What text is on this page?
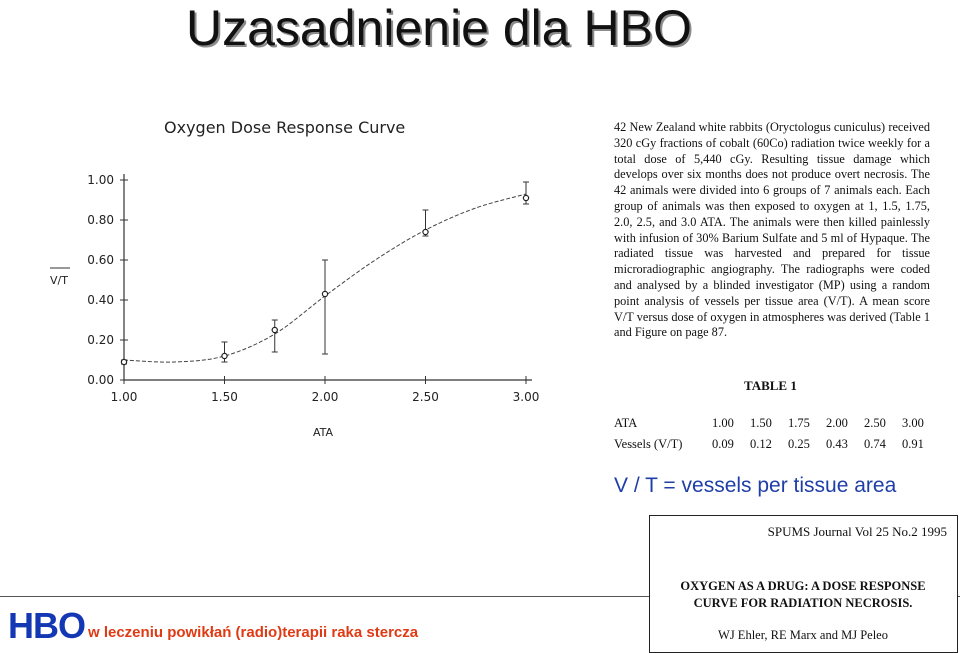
Uzasadnienie dla HBO
Oxygen Dose Response Curve
V/T
ATA
0.00
0.20
0.40
0.60
0.80
1.00
1.00	1.50	2.00	2.50	3.00
42 New Zealand white rabbits (Oryctologus cuniculus) received 320 cGy fractions of cobalt (60Co) radiation twice weekly for a total dose of 5,440 cGy. Resulting tissue damage which develops over six months does not produce overt necrosis. The 42 animals were divided into 6 groups of 7 animals each. Each group of animals was then exposed to oxygen at 1, 1.5, 1.75, 2.0, 2.5, and 3.0 ATA. The animals were then killed painlessly with infusion of 30% Barium Sulfate and 5 ml of Hypaque. The radiated tissue was harvested and prepared for tissue microradiographic angiography. The radiographs were coded and analysed by a blinded investigator (MP) using a random point analysis of vessels per tissue area (V/T). A mean score V/T versus dose of oxygen in atmospheres was derived (Table 1 and Figure on page 87.
TABLE 1
ATA	1.00	1.50	1.75	2.00	2.50	3.00
Vessels (V/T)	0.09	0.12	0.25	0.43	0.74	0.91
V / T = vessels per tissue area
HBO w leczeniu powikłań (radio)terapii raka stercza
SPUMS Journal Vol 25 No.2 1995
OXYGEN AS A DRUG: A DOSE RESPONSE CURVE FOR RADIATION NECROSIS.
WJ Ehler, RE Marx and MJ Peleo
